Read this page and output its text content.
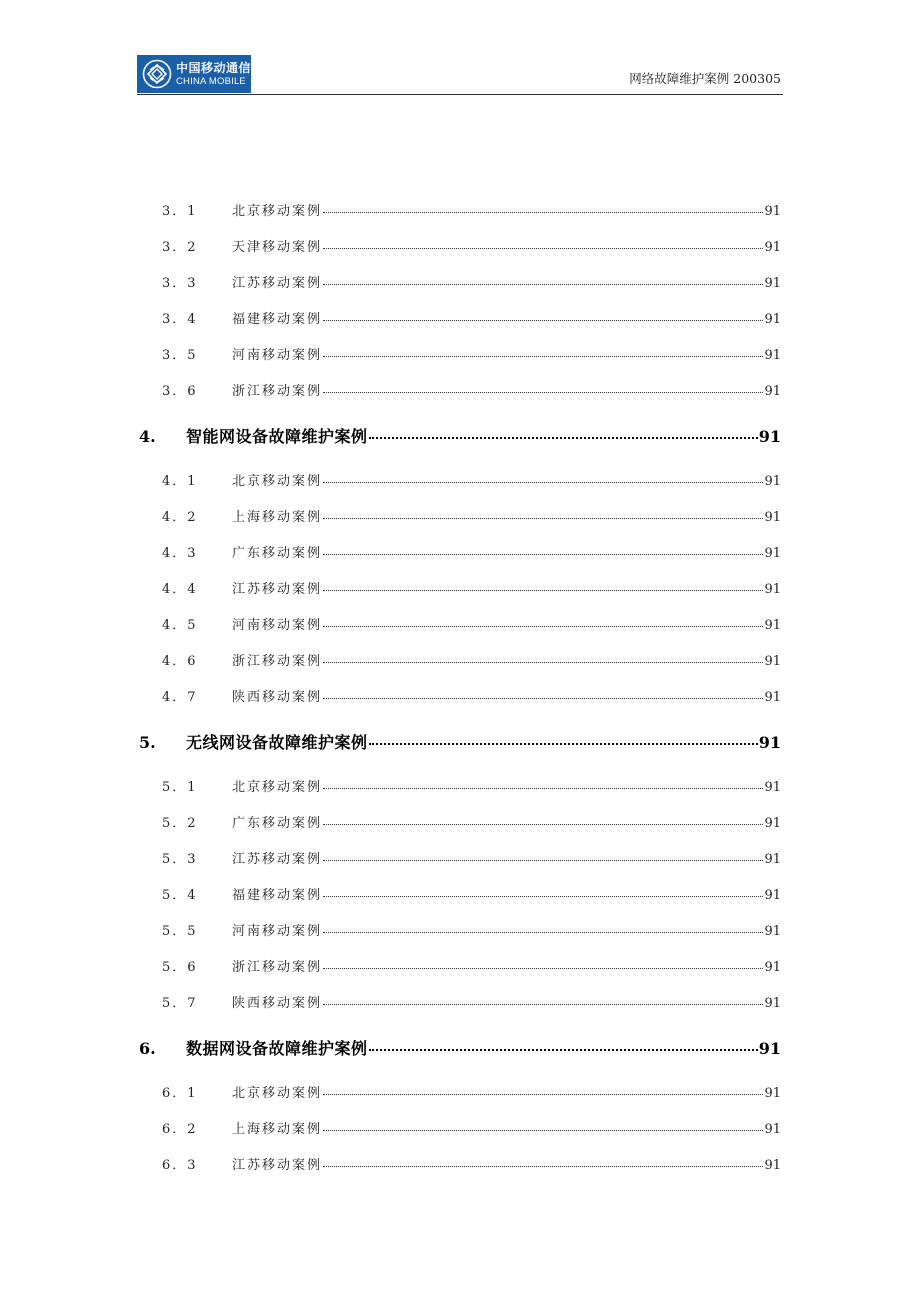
中国移动通信
CHINA MOBILE	网络故障维护案例 200305
3．1	北京移动案例	91
3．2	天津移动案例	91
3．3	江苏移动案例	91
3．4	福建移动案例	91
3．5	河南移动案例	91
3．6	浙江移动案例	91
4.	智能网设备故障维护案例	91
4．1	北京移动案例	91
4．2	上海移动案例	91
4．3	广东移动案例	91
4．4	江苏移动案例	91
4．5	河南移动案例	91
4．6	浙江移动案例	91
4．7	陕西移动案例	91
5.	无线网设备故障维护案例	91
5．1	北京移动案例	91
5．2	广东移动案例	91
5．3	江苏移动案例	91
5．4	福建移动案例	91
5．5	河南移动案例	91
5．6	浙江移动案例	91
5．7	陕西移动案例	91
6.	数据网设备故障维护案例	91
6．1	北京移动案例	91
6．2	上海移动案例	91
6．3	江苏移动案例	91
